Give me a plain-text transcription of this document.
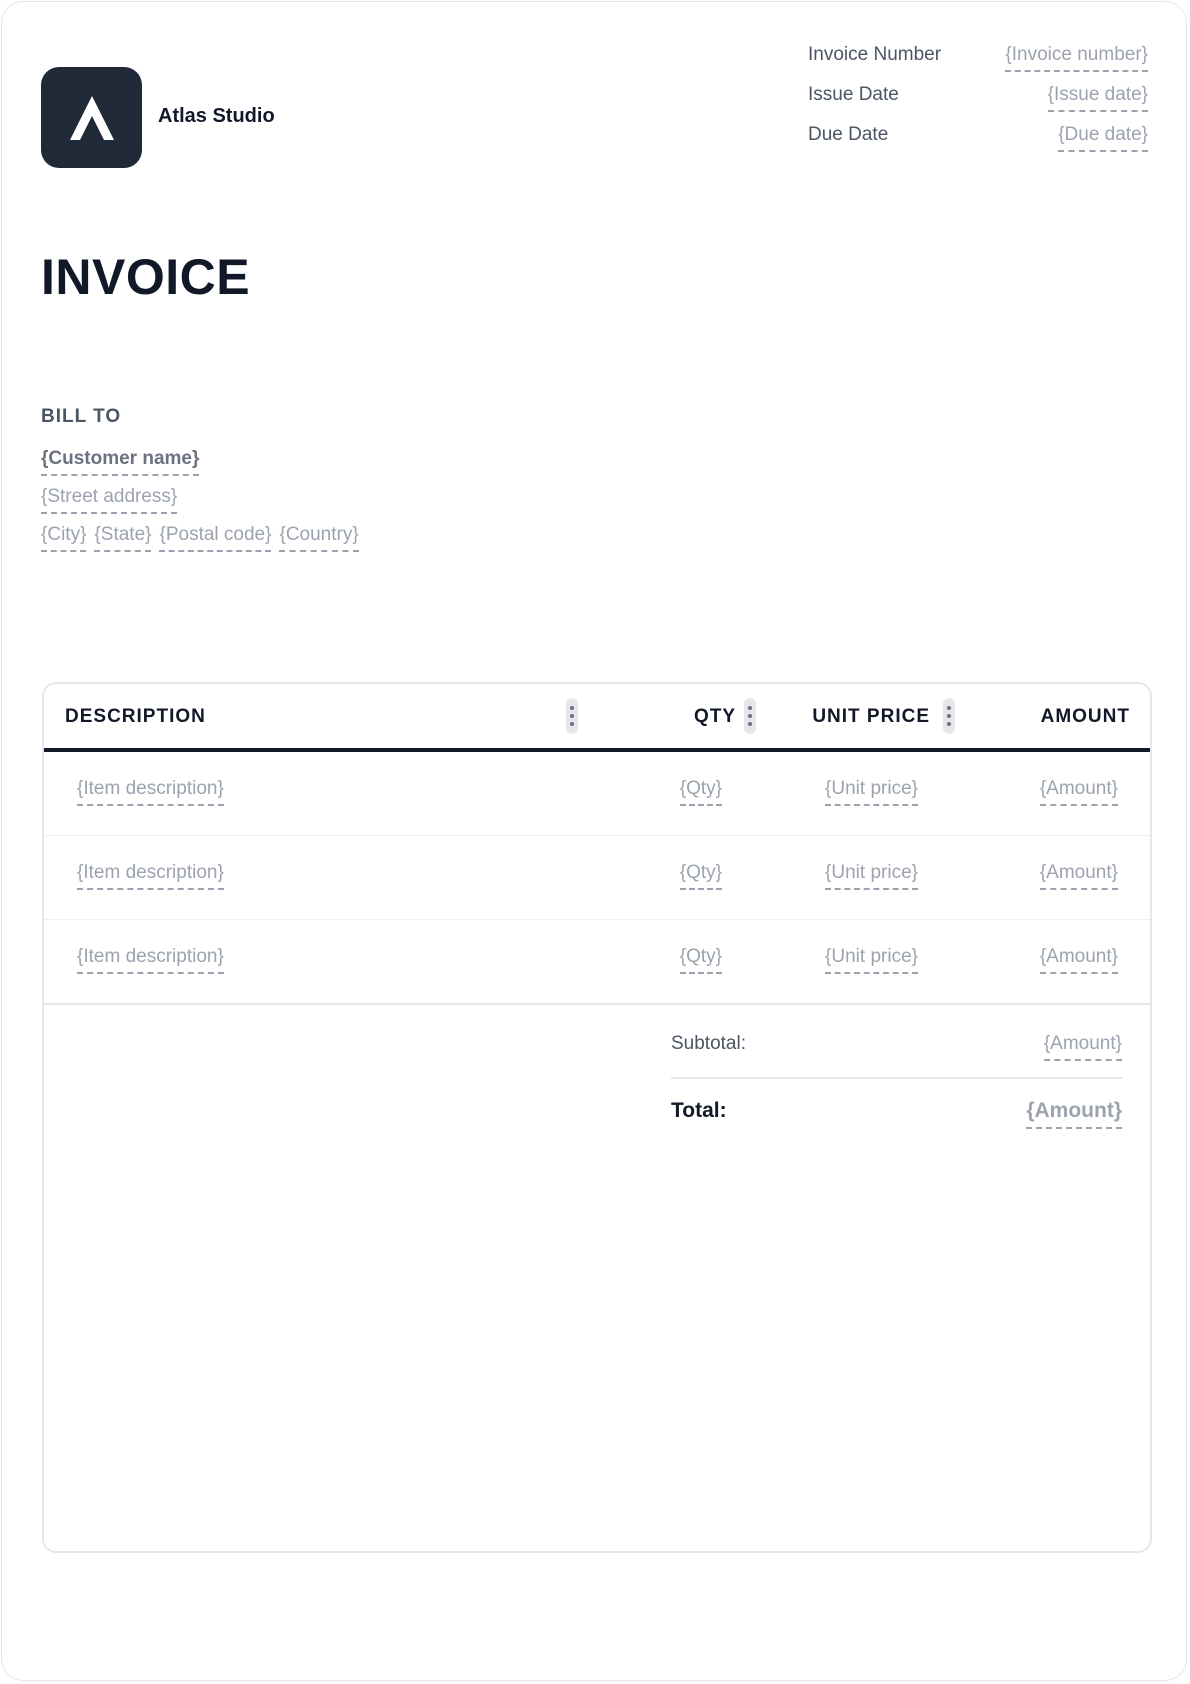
Atlas Studio
Invoice Number	{Invoice number}
Issue Date	{Issue date}
Due Date	{Due date}
INVOICE
BILL TO
{Customer name}
{Street address}
{City} {State} {Postal code} {Country}
DESCRIPTION	QTY	UNIT PRICE	AMOUNT
{Item description}	{Qty}	{Unit price}	{Amount}
{Item description}	{Qty}	{Unit price}	{Amount}
{Item description}	{Qty}	{Unit price}	{Amount}
Subtotal:	{Amount}
Total:	{Amount}
